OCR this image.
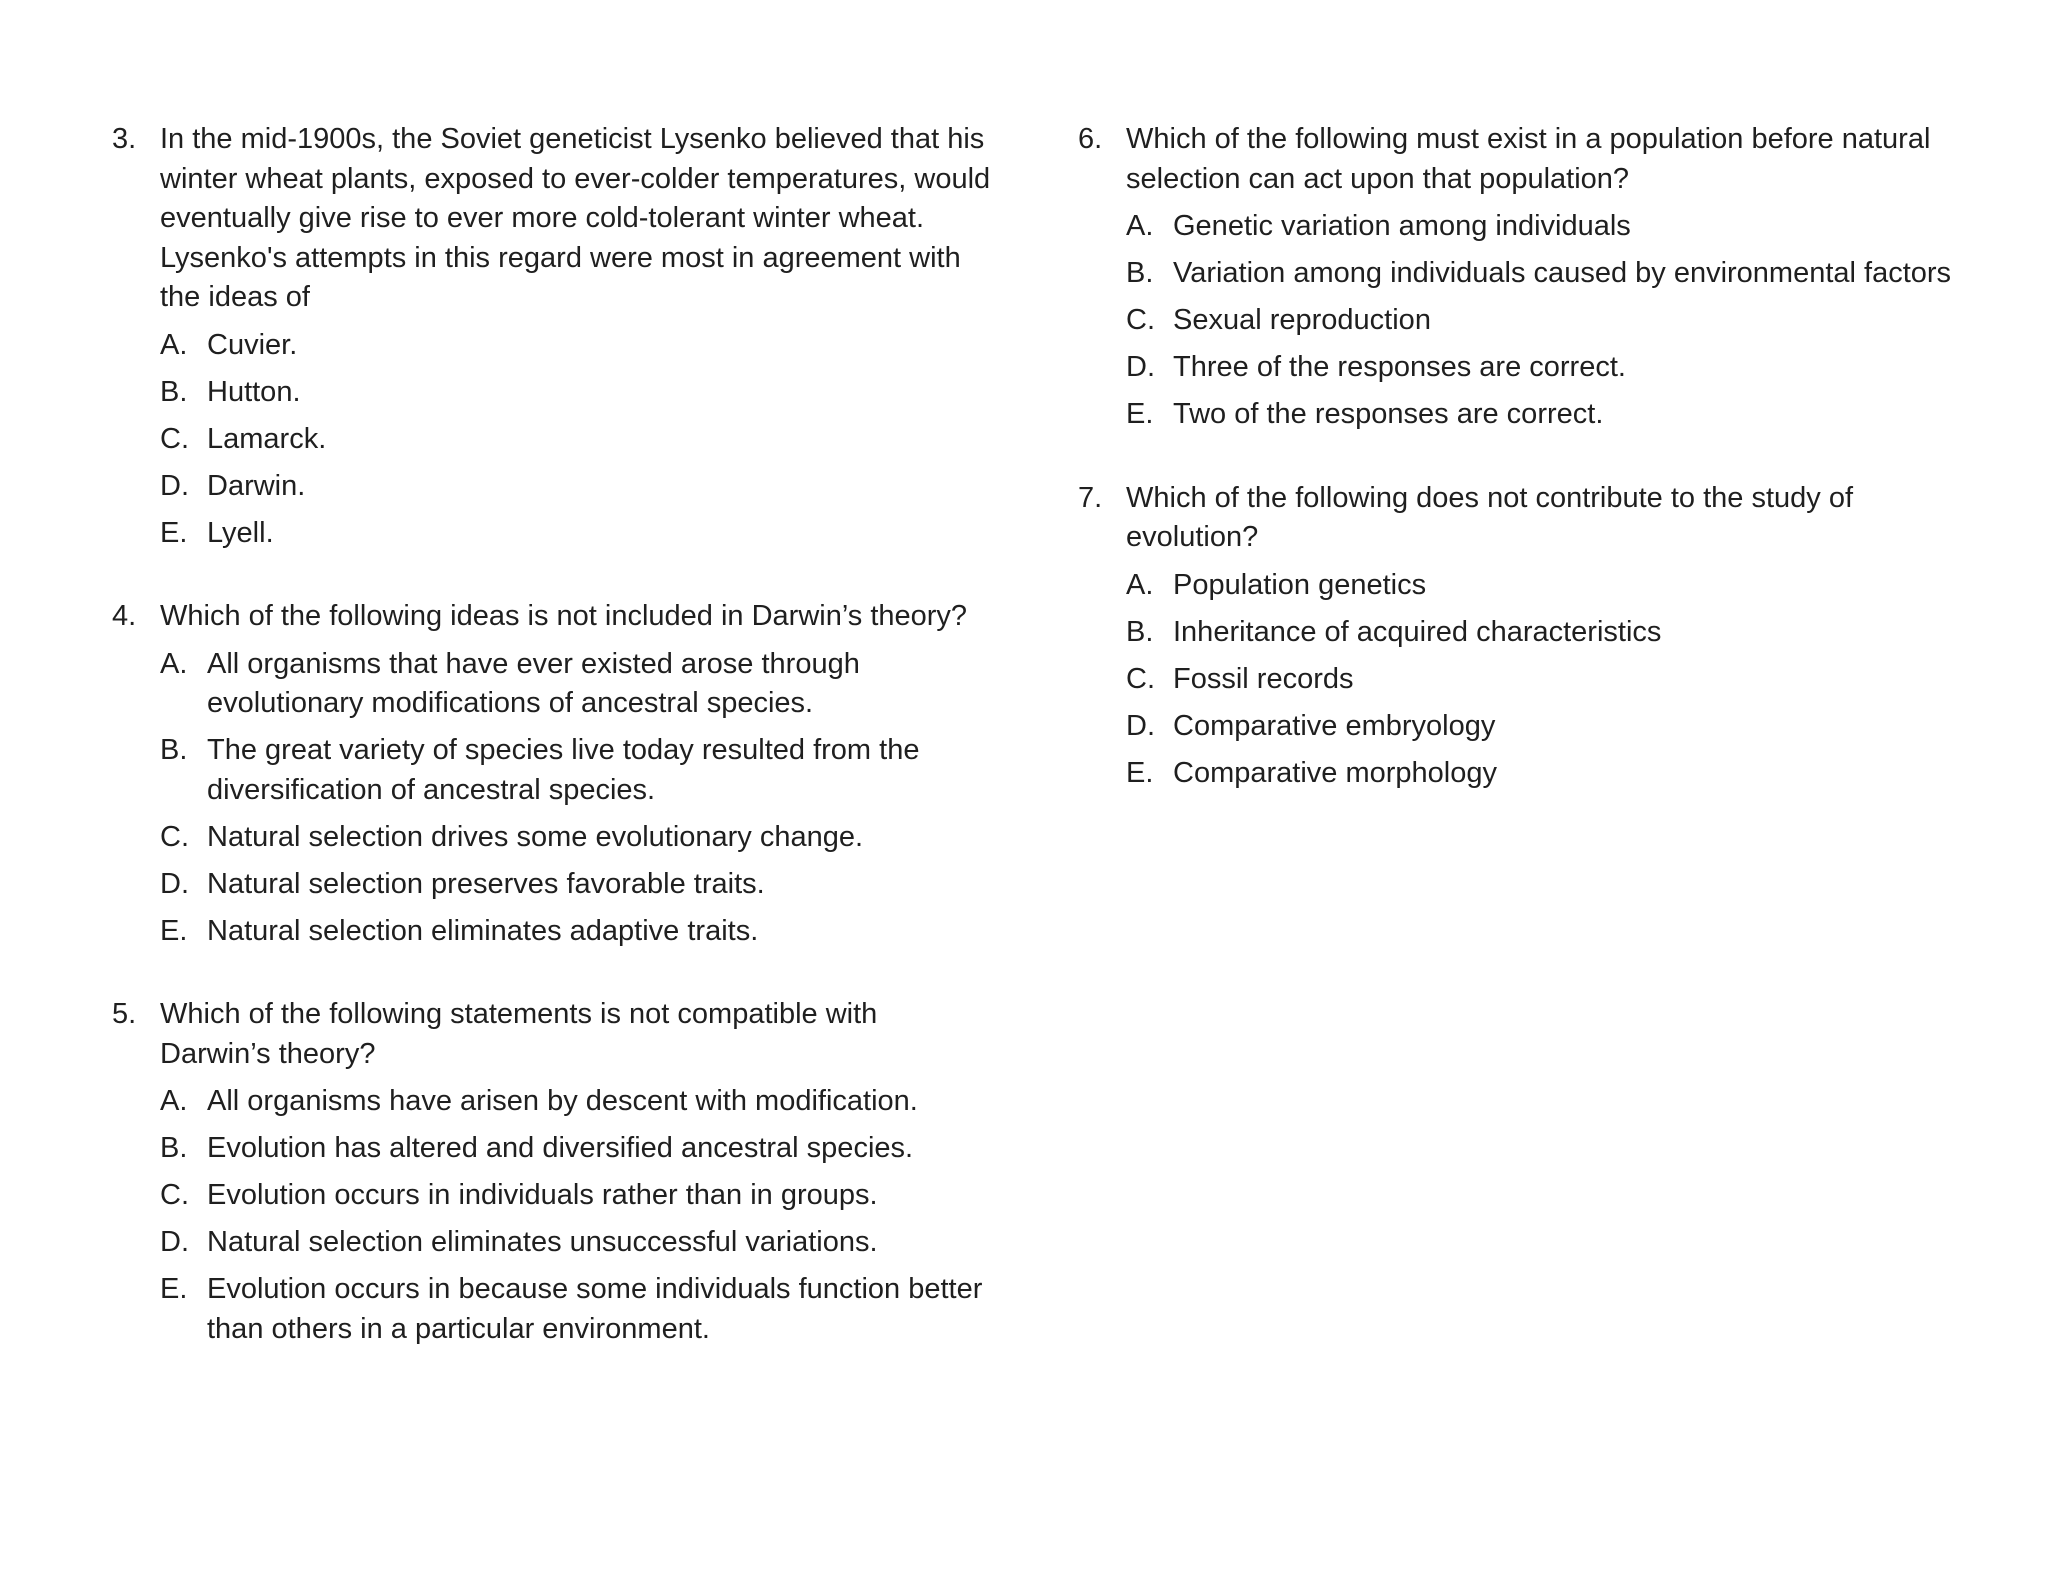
3. In the mid-1900s, the Soviet geneticist Lysenko believed that his winter wheat plants, exposed to ever-colder temperatures, would eventually give rise to ever more cold-tolerant winter wheat. Lysenko's attempts in this regard were most in agreement with the ideas of
A. Cuvier.
B. Hutton.
C. Lamarck.
D. Darwin.
E. Lyell.
4. Which of the following ideas is not included in Darwin’s theory?
A. All organisms that have ever existed arose through evolutionary modifications of ancestral species.
B. The great variety of species live today resulted from the diversification of ancestral species.
C. Natural selection drives some evolutionary change.
D. Natural selection preserves favorable traits.
E. Natural selection eliminates adaptive traits.
5. Which of the following statements is not compatible with Darwin’s theory?
A. All organisms have arisen by descent with modification.
B. Evolution has altered and diversified ancestral species.
C. Evolution occurs in individuals rather than in groups.
D. Natural selection eliminates unsuccessful variations.
E. Evolution occurs in because some individuals function better than others in a particular environment.
6. Which of the following must exist in a population before natural selection can act upon that population?
A. Genetic variation among individuals
B. Variation among individuals caused by environmental factors
C. Sexual reproduction
D. Three of the responses are correct.
E. Two of the responses are correct.
7. Which of the following does not contribute to the study of evolution?
A. Population genetics
B. Inheritance of acquired characteristics
C. Fossil records
D. Comparative embryology
E. Comparative morphology
